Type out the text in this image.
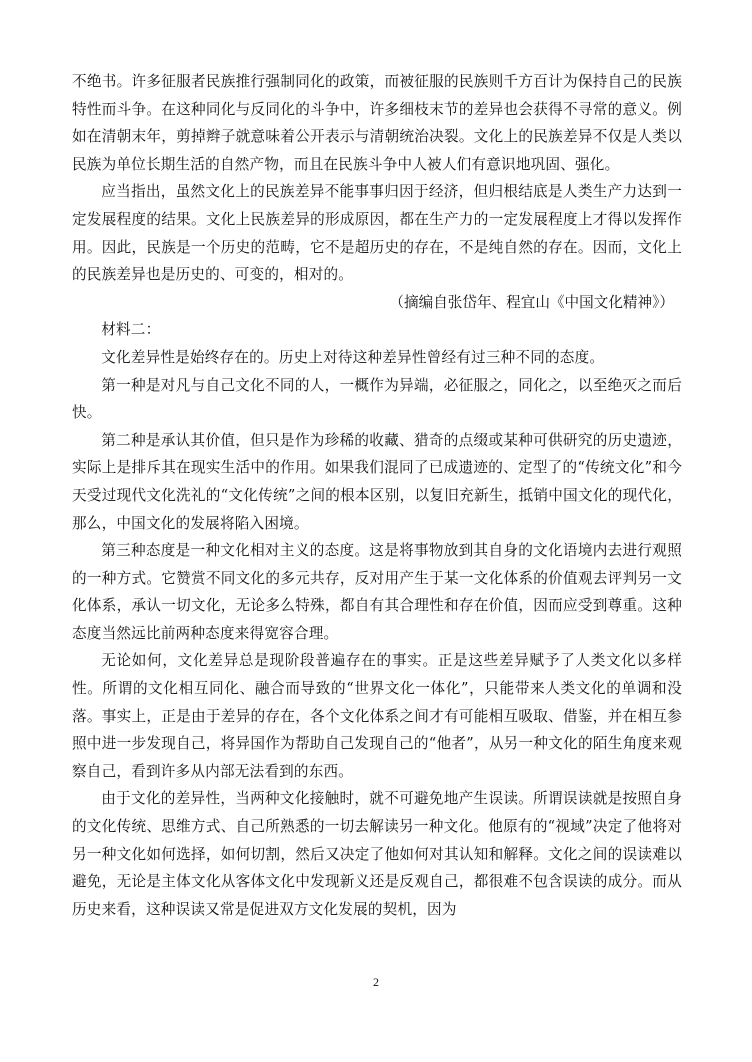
不绝书。许多征服者民族推行强制同化的政策，而被征服的民族则千方百计为保持自己的民族特性而斗争。在这种同化与反同化的斗争中，许多细枝末节的差异也会获得不寻常的意义。例如在清朝末年，剪掉辫子就意味着公开表示与清朝统治决裂。文化上的民族差异不仅是人类以民族为单位长期生活的自然产物，而且在民族斗争中人被人们有意识地巩固、强化。

应当指出，虽然文化上的民族差异不能事事归因于经济，但归根结底是人类生产力达到一定发展程度的结果。文化上民族差异的形成原因，都在生产力的一定发展程度上才得以发挥作用。因此，民族是一个历史的范畴，它不是超历史的存在，不是纯自然的存在。因而，文化上的民族差异也是历史的、可变的，相对的。

（摘编自张岱年、程宜山《中国文化精神》）

材料二：

文化差异性是始终存在的。历史上对待这种差异性曾经有过三种不同的态度。

第一种是对凡与自己文化不同的人，一概作为异端，必征服之，同化之，以至绝灭之而后快。

第二种是承认其价值，但只是作为珍稀的收藏、猎奇的点缀或某种可供研究的历史遗迹，实际上是排斥其在现实生活中的作用。如果我们混同了已成遗迹的、定型了的“传统文化”和今天受过现代文化洗礼的“文化传统”之间的根本区别，以复旧充新生，抵销中国文化的现代化，那么，中国文化的发展将陷入困境。

第三种态度是一种文化相对主义的态度。这是将事物放到其自身的文化语境内去进行观照的一种方式。它赞赏不同文化的多元共存，反对用产生于某一文化体系的价值观去评判另一文化体系，承认一切文化，无论多么特殊，都自有其合理性和存在价值，因而应受到尊重。这种态度当然远比前两种态度来得宽容合理。

无论如何，文化差异总是现阶段普遍存在的事实。正是这些差异赋予了人类文化以多样性。所谓的文化相互同化、融合而导致的“世界文化一体化”，只能带来人类文化的单调和没落。事实上，正是由于差异的存在，各个文化体系之间才有可能相互吸取、借鉴，并在相互参照中进一步发现自己，将异国作为帮助自己发现自己的“他者”，从另一种文化的陌生角度来观察自己，看到许多从内部无法看到的东西。

由于文化的差异性，当两种文化接触时，就不可避免地产生误读。所谓误读就是按照自身的文化传统、思维方式、自己所熟悉的一切去解读另一种文化。他原有的“视域”决定了他将对另一种文化如何选择，如何切割，然后又决定了他如何对其认知和解释。文化之间的误读难以避免，无论是主体文化从客体文化中发现新义还是反观自己，都很难不包含误读的成分。而从历史来看，这种误读又常是促进双方文化发展的契机，因为

2
